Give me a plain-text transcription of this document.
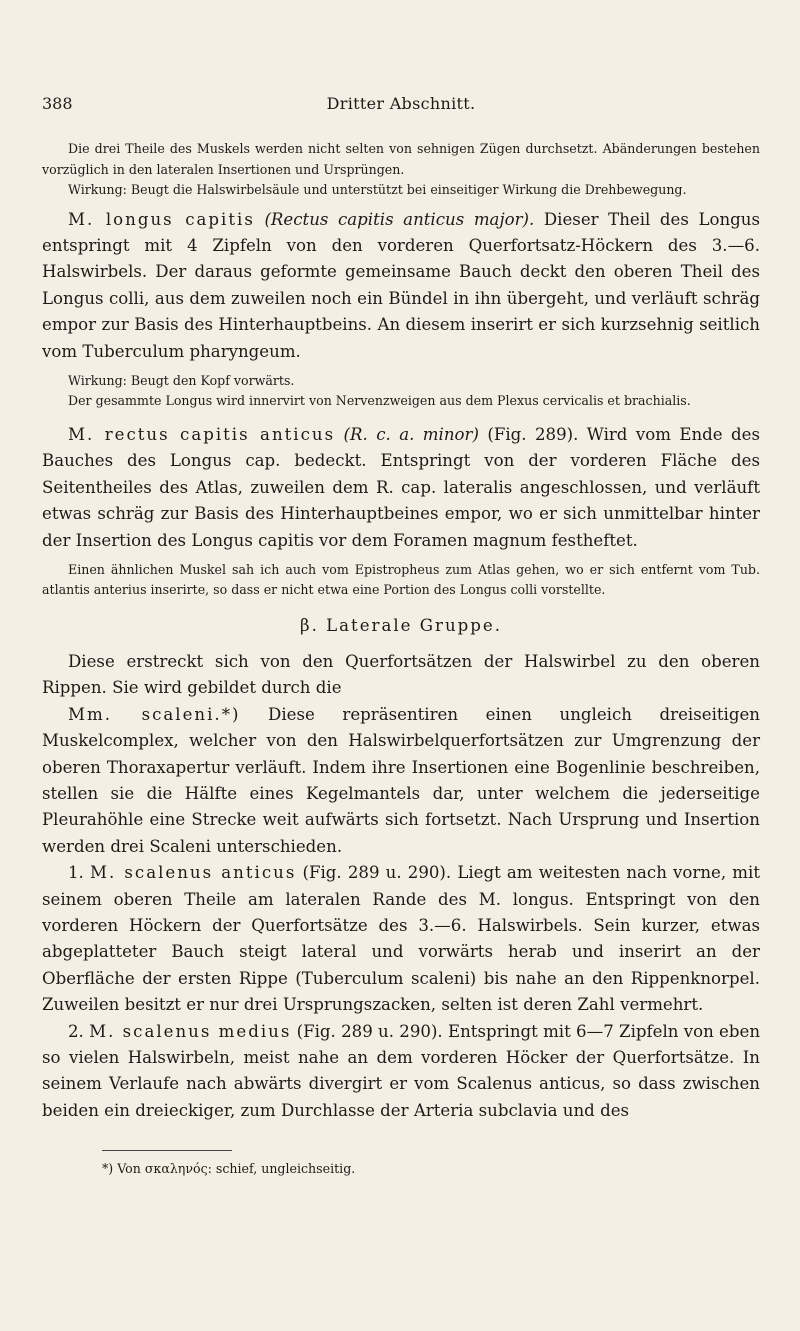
388	Dritter Abschnitt.

Die drei Theile des Muskels werden nicht selten von sehnigen Zügen durchsetzt. Abänderungen bestehen vorzüglich in den lateralen Insertionen und Ursprüngen.

Wirkung: Beugt die Halswirbelsäule und unterstützt bei einseitiger Wirkung die Drehbewegung.

M. longus capitis (Rectus capitis anticus major). Dieser Theil des Longus entspringt mit 4 Zipfeln von den vorderen Querfortsatz-Höckern des 3.—6. Halswirbels. Der daraus geformte gemeinsame Bauch deckt den oberen Theil des Longus colli, aus dem zuweilen noch ein Bündel in ihn übergeht, und verläuft schräg empor zur Basis des Hinterhauptbeins. An diesem inserirt er sich kurzsehnig seitlich vom Tuberculum pharyngeum.

Wirkung: Beugt den Kopf vorwärts.

Der gesammte Longus wird innervirt von Nervenzweigen aus dem Plexus cervicalis et brachialis.

M. rectus capitis anticus (R. c. a. minor) (Fig. 289). Wird vom Ende des Bauches des Longus cap. bedeckt. Entspringt von der vorderen Fläche des Seitentheiles des Atlas, zuweilen dem R. cap. lateralis angeschlossen, und verläuft etwas schräg zur Basis des Hinterhauptbeines empor, wo er sich unmittelbar hinter der Insertion des Longus capitis vor dem Foramen magnum festheftet.

Einen ähnlichen Muskel sah ich auch vom Epistropheus zum Atlas gehen, wo er sich entfernt vom Tub. atlantis anterius inserirte, so dass er nicht etwa eine Portion des Longus colli vorstellte.

β. Laterale Gruppe.

Diese erstreckt sich von den Querfortsätzen der Halswirbel zu den oberen Rippen. Sie wird gebildet durch die

Mm. scaleni.*) Diese repräsentiren einen ungleich dreiseitigen Muskelcomplex, welcher von den Halswirbelquerfortsätzen zur Umgrenzung der oberen Thoraxapertur verläuft. Indem ihre Insertionen eine Bogenlinie beschreiben, stellen sie die Hälfte eines Kegelmantels dar, unter welchem die jederseitige Pleurahöhle eine Strecke weit aufwärts sich fortsetzt. Nach Ursprung und Insertion werden drei Scaleni unterschieden.

1. M. scalenus anticus (Fig. 289 u. 290). Liegt am weitesten nach vorne, mit seinem oberen Theile am lateralen Rande des M. longus. Entspringt von den vorderen Höckern der Querfortsätze des 3.—6. Halswirbels. Sein kurzer, etwas abgeplatteter Bauch steigt lateral und vorwärts herab und inserirt an der Oberfläche der ersten Rippe (Tuberculum scaleni) bis nahe an den Rippenknorpel. Zuweilen besitzt er nur drei Ursprungszacken, selten ist deren Zahl vermehrt.

2. M. scalenus medius (Fig. 289 u. 290). Entspringt mit 6—7 Zipfeln von eben so vielen Halswirbeln, meist nahe an dem vorderen Höcker der Querfortsätze. In seinem Verlaufe nach abwärts divergirt er vom Scalenus anticus, so dass zwischen beiden ein dreieckiger, zum Durchlasse der Arteria subclavia und des

*) Von σκαληνός: schief, ungleichseitig.
